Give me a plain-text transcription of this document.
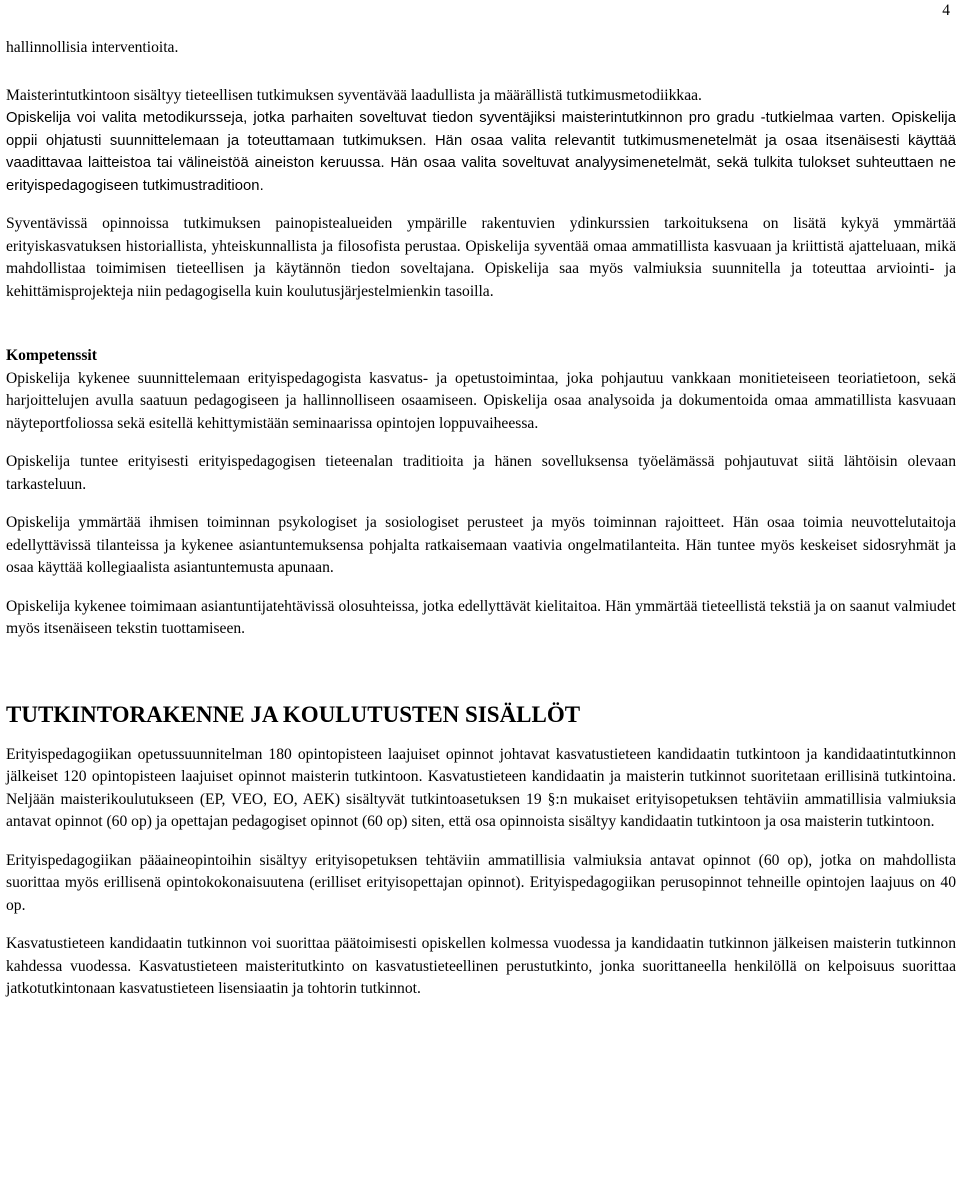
4

hallinnollisia interventioita.

Maisterintutkintoon sisältyy tieteellisen tutkimuksen syventävää laadullista ja määrällistä tutkimusmetodiikkaa.

Opiskelija voi valita metodikursseja, jotka parhaiten soveltuvat tiedon syventäjiksi maisterintutkinnon pro gradu -tutkielmaa varten. Opiskelija oppii ohjatusti suunnittelemaan ja toteuttamaan tutkimuksen. Hän osaa valita relevantit tutkimusmenetelmät ja osaa itsenäisesti käyttää vaadittavaa laitteistoa tai välineistöä aineiston keruussa. Hän osaa valita soveltuvat analyysimenetelmät, sekä tulkita tulokset suhteuttaen ne erityispedagogiseen tutkimustraditioon.

Syventävissä opinnoissa tutkimuksen painopistealueiden ympärille rakentuvien ydinkurssien tarkoituksena on lisätä kykyä ymmärtää erityiskasvatuksen historiallista, yhteiskunnallista ja filosofista perustaa. Opiskelija syventää omaa ammatillista kasvuaan ja kriittistä ajatteluaan, mikä mahdollistaa toimimisen tieteellisen ja käytännön tiedon soveltajana. Opiskelija saa myös valmiuksia suunnitella ja toteuttaa arviointi- ja kehittämisprojekteja niin pedagogisella kuin koulutusjärjestelmienkin tasoilla.

Kompetenssit

Opiskelija kykenee suunnittelemaan erityispedagogista kasvatus- ja opetustoimintaa, joka pohjautuu vankkaan monitieteiseen teoriatietoon, sekä harjoittelujen avulla saatuun pedagogiseen ja hallinnolliseen osaamiseen. Opiskelija osaa analysoida ja dokumentoida omaa ammatillista kasvuaan näyteportfoliossa sekä esitellä kehittymistään seminaarissa opintojen loppuvaiheessa.

Opiskelija tuntee erityisesti erityispedagogisen tieteenalan traditioita ja hänen sovelluksensa työelämässä pohjautuvat siitä lähtöisin olevaan tarkasteluun.

Opiskelija ymmärtää ihmisen toiminnan psykologiset ja sosiologiset perusteet ja myös toiminnan rajoitteet. Hän osaa toimia neuvottelutaitoja edellyttävissä tilanteissa ja kykenee asiantuntemuksensa pohjalta ratkaisemaan vaativia ongelmatilanteita. Hän tuntee myös keskeiset sidosryhmät ja osaa käyttää kollegiaalista asiantuntemusta apunaan.

Opiskelija kykenee toimimaan asiantuntijatehtävissä olosuhteissa, jotka edellyttävät kielitaitoa. Hän ymmärtää tieteellistä tekstiä ja on saanut valmiudet myös itsenäiseen tekstin tuottamiseen.

TUTKINTORAKENNE JA KOULUTUSTEN SISÄLLÖT

Erityispedagogiikan opetussuunnitelman 180 opintopisteen laajuiset opinnot johtavat kasvatustieteen kandidaatin tutkintoon ja kandidaatintutkinnon jälkeiset 120 opintopisteen laajuiset opinnot maisterin tutkintoon. Kasvatustieteen kandidaatin ja maisterin tutkinnot suoritetaan erillisinä tutkintoina. Neljään maisterikoulutukseen (EP, VEO, EO, AEK) sisältyvät tutkintoasetuksen 19 §:n mukaiset erityisopetuksen tehtäviin ammatillisia valmiuksia antavat opinnot (60 op) ja opettajan pedagogiset opinnot (60 op) siten, että osa opinnoista sisältyy kandidaatin tutkintoon ja osa maisterin tutkintoon.

Erityispedagogiikan pääaineopintoihin sisältyy erityisopetuksen tehtäviin ammatillisia valmiuksia antavat opinnot (60 op), jotka on mahdollista suorittaa myös erillisenä opintokokonaisuutena (erilliset erityisopettajan opinnot). Erityispedagogiikan perusopinnot tehneille opintojen laajuus on 40 op.

Kasvatustieteen kandidaatin tutkinnon voi suorittaa päätoimisesti opiskellen kolmessa vuodessa ja kandidaatin tutkinnon jälkeisen maisterin tutkinnon kahdessa vuodessa. Kasvatustieteen maisteritutkinto on kasvatustieteellinen perustutkinto, jonka suorittaneella henkilöllä on kelpoisuus suorittaa jatkotutkintonaan kasvatustieteen lisensiaatin ja tohtorin tutkinnot.
